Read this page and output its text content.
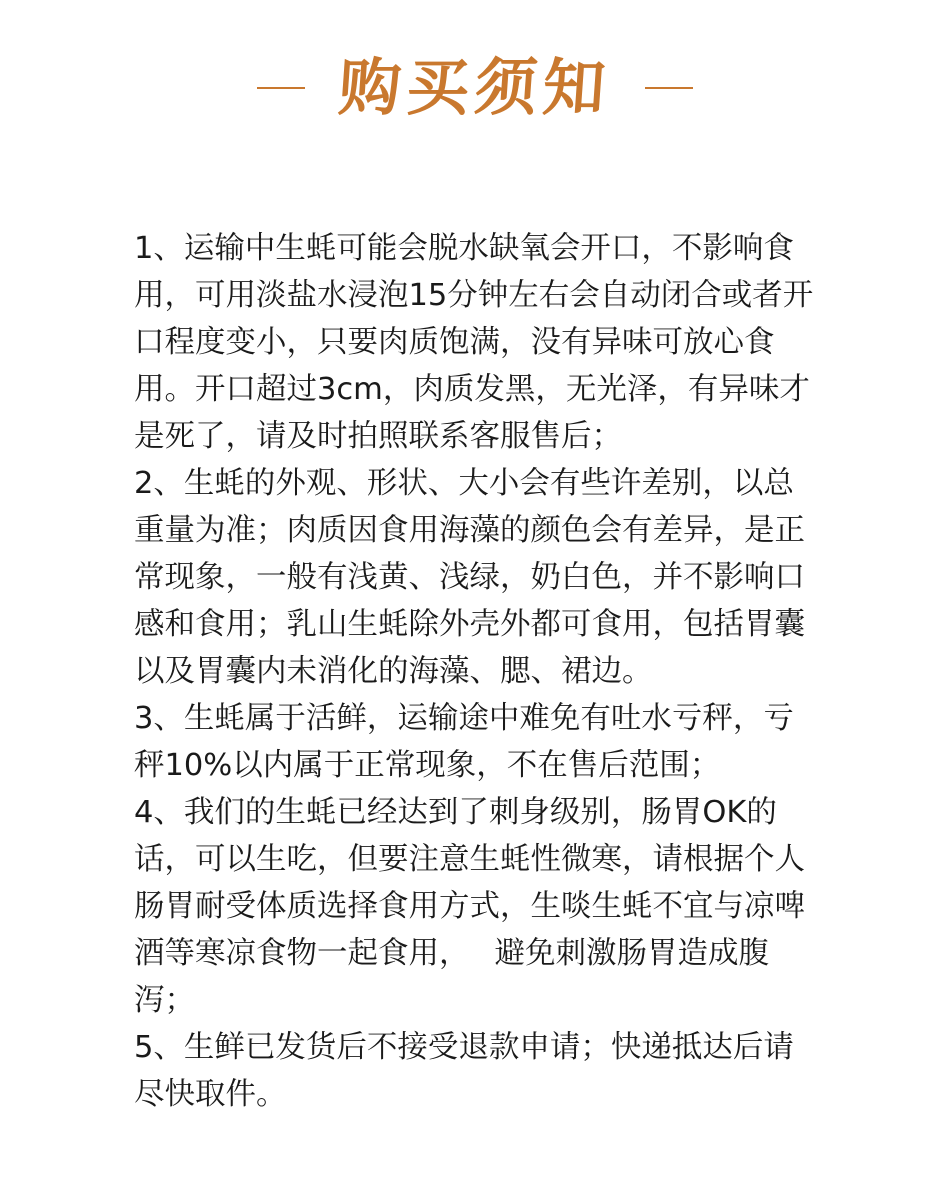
购买须知

1、运输中生蚝可能会脱水缺氧会开口，不影响食用，可用淡盐水浸泡15分钟左右会自动闭合或者开口程度变小，只要肉质饱满，没有异味可放心食用。开口超过3cm，肉质发黑，无光泽，有异味才是死了，请及时拍照联系客服售后；

2、生蚝的外观、形状、大小会有些许差别，以总重量为准；肉质因食用海藻的颜色会有差异，是正常现象，一般有浅黄、浅绿，奶白色，并不影响口感和食用；乳山生蚝除外壳外都可食用，包括胃囊以及胃囊内未消化的海藻、腮、裙边。

3、生蚝属于活鲜，运输途中难免有吐水亏秤，亏秤10%以内属于正常现象，不在售后范围；

4、我们的生蚝已经达到了刺身级别，肠胃OK的话，可以生吃，但要注意生蚝性微寒，请根据个人肠胃耐受体质选择食用方式，生啖生蚝不宜与凉啤酒等寒凉食物一起食用，　 避免刺激肠胃造成腹泻；

5、生鲜已发货后不接受退款申请；快递抵达后请尽快取件。
